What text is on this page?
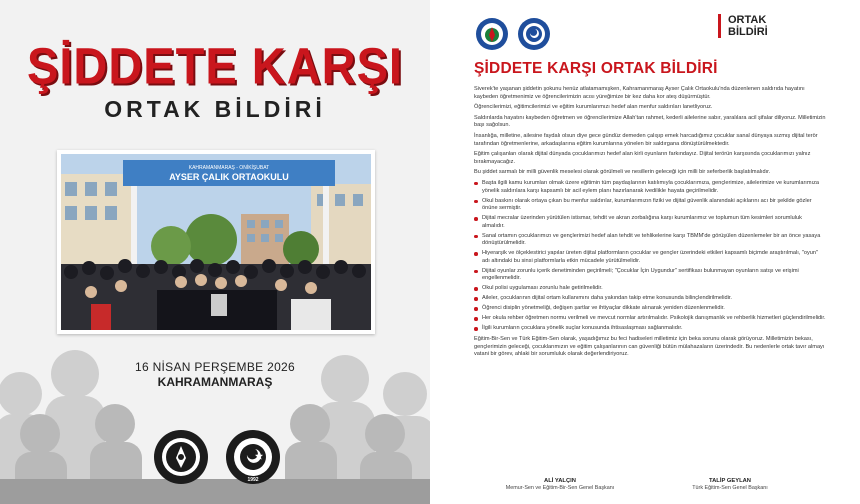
ŞİDDETE KARŞI
ORTAK BİLDİRİ
KAHRAMANMARAŞ - ONİKİŞUBAT
AYSER ÇALIK ORTAOKULU
16 NİSAN PERŞEMBE 2026
KAHRAMANMARAŞ
1992
ORTAK
BİLDİRİ
ŞİDDETE KARŞI ORTAK BİLDİRİ

Siverek'te yaşanan şiddetin şokunu henüz atlatamamışken, Kahramanmaraş Ayser Çalık Ortaokulu'nda düzenlenen saldırıda hayatını kaybeden öğretmenimiz ve öğrencilerimizin acısı yüreğimize bir kez daha kor ateş düşürmüştür.

Öğrencilerimizi, eğitimcilerimizi ve eğitim kurumlarımızı hedef alan menfur saldırıları lanetliyoruz.

Saldırılarda hayatını kaybeden öğretmen ve öğrencilerimize Allah'tan rahmet, kederli ailelerine sabır, yaralılara acil şifalar diliyoruz. Milletimizin başı sağolsun.

İnsanlığa, milletine, ailesine faydalı olsun diye gece gündüz demeden çalışıp emek harcadığımız çocuklar sanal dünyaya sızmış dijital terör tarafından öğretmenlerine, arkadaşlarına eğitim kurumlarına yönelen bir saldırgana dönüştürülmektedir.

Eğitim çalışanları olarak dijital dünyada çocuklarımızı hedef alan kirli oyunların farkındayız. Dijital terörün karşısında çocuklarımızı yalnız bırakmayacağız.

Bu şiddet sarmalı bir milli güvenlik meselesi olarak görülmeli ve nesillerin geleceği için milli bir seferberlik başlatılmalıdır.

Başta ilgili kamu kurumları olmak üzere eğitimin tüm paydaşlarının katılımıyla çocuklarımıza, gençlerimize, ailelerimize ve kurumlarımıza yönelik saldırılara karşı kapsamlı bir acil eylem planı hazırlanarak ivedilikle hayata geçirilmelidir.
Okul baskını olarak ortaya çıkan bu menfur saldırılar, kurumlarımızın fiziki ve dijital güvenlik alanındaki açıklarını acı bir şekilde gözler önüne sermiştir.
Dijital mecralar üzerinden yürütülen istismar, tehdit ve akran zorbalığına karşı kurumlarımız ve toplumun tüm kesimleri sorumluluk almalıdır.
Sanal ortamın çocuklarımızı ve gençlerimizi hedef alan tehdit ve tehlikelerine karşı TBMM'de görüşülen düzenlemeler bir an önce yasaya dönüştürülmelidir.
Hiyerarşik ve ölçeklestirici yapılar üreten dijital platformların çocuklar ve gençler üzerindeki etkileri kapsamlı biçimde araştırılmalı, "oyun" adı altındaki bu sinsi platformlarla etkin mücadele yürütülmelidir.
Dijital oyunlar zorunlu içerik denetiminden geçirilmeli; "Çocuklar İçin Uygundur" sertifikası bulunmayan oyunların satışı ve erişimi engellenmelidir.
Okul polisi uygulaması zorunlu hale getirilmelidir.
Aileler, çocuklarının dijital ortam kullanımını daha yakından takip etme konusunda bilinçlendirilmelidir.
Öğrenci disiplin yönetmeliği, değişen şartlar ve ihtiyaçlar dikkate alınarak yeniden düzenlenmelidir.
Her okula rehber öğretmen normu verilmeli ve mevcut normlar artırılmalıdır. Psikolojik danışmanlık ve rehberlik hizmetleri güçlendirilmelidir.
İlgili kurumların çocuklara yönelik suçlar konusunda ihtisaslaşması sağlanmalıdır.

Eğitim-Bir-Sen ve Türk Eğitim-Sen olarak, yaşadığımız bu feci hadiseleri milletimiz için beka sorunu olarak görüyoruz. Milletimizin bekası, gençlerimizin geleceği, çocuklarımızın ve eğitim çalışanlarının can güvenliği bütün mülahazaların üzerindedir. Bu nedenlerle ortak tavır almayı vatani bir görev, ahlaki bir sorumluluk olarak değerlendiriyoruz.

ALİ YALÇIN
Memur-Sen ve Eğitim-Bir-Sen Genel Başkanı
TALİP GEYLAN
Türk Eğitim-Sen Genel Başkanı
